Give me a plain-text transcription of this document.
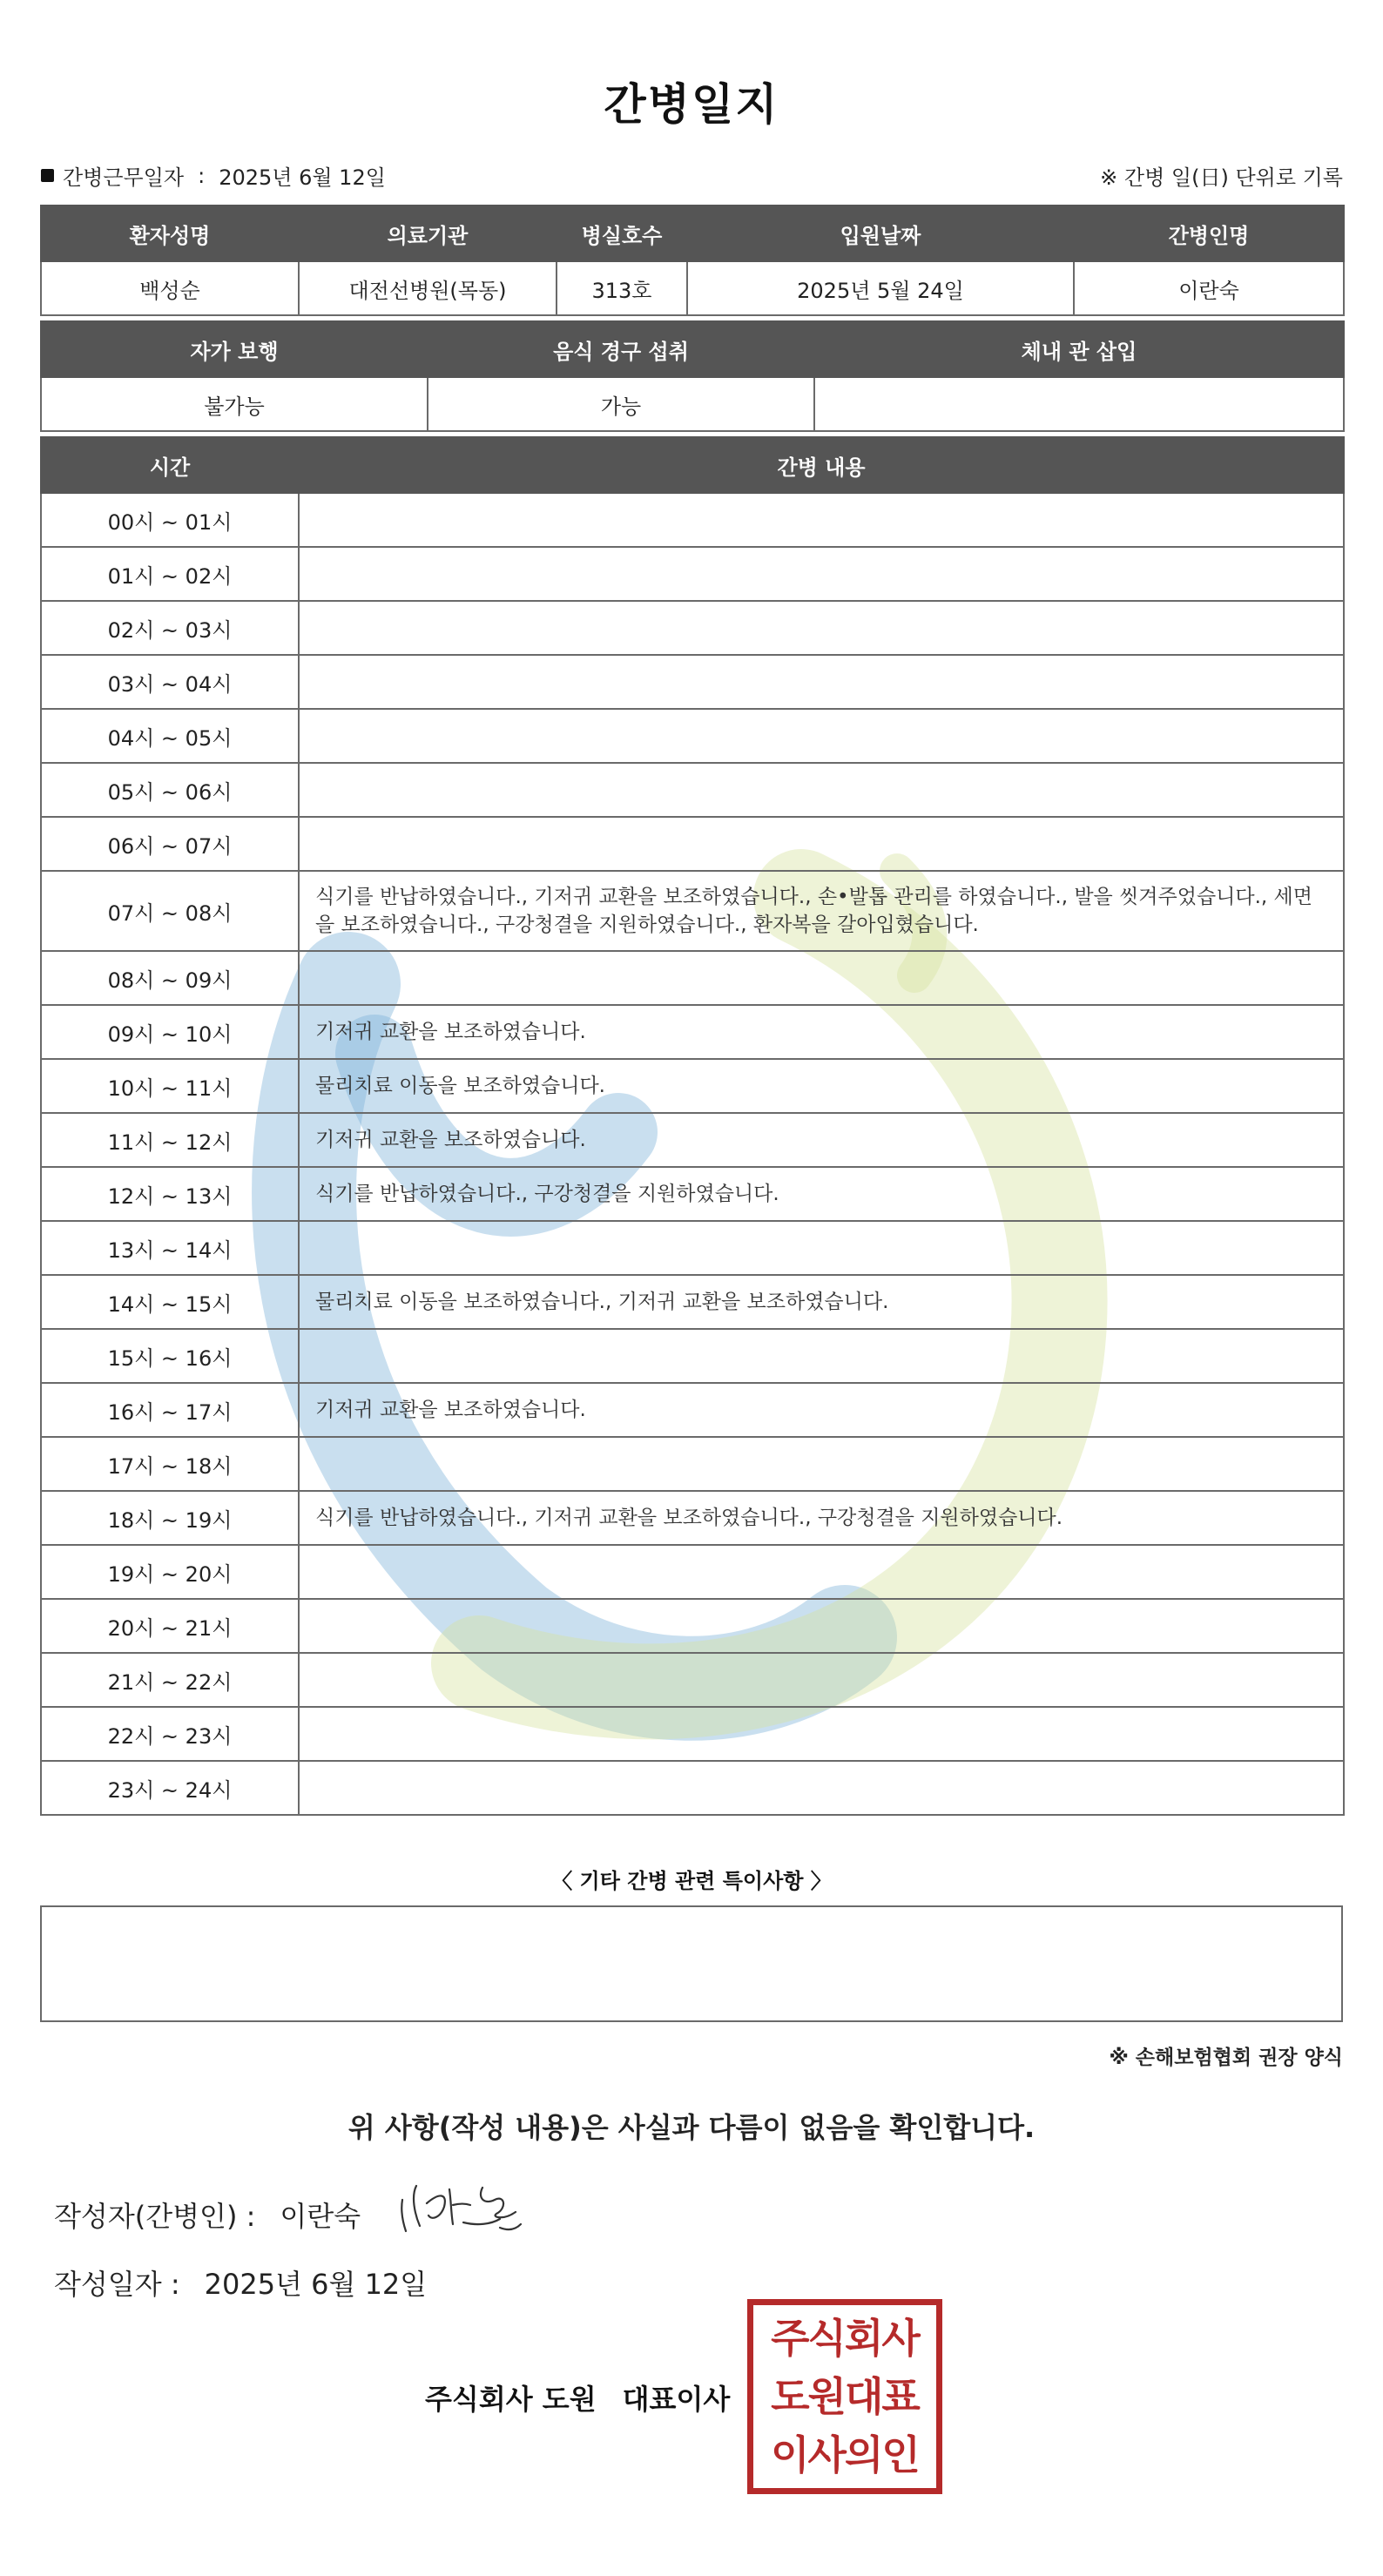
간병일지
간병근무일자 : 2025년 6월 12일	※ 간병 일(日) 단위로 기록
환자성명	의료기관	병실호수	입원날짜	간병인명
백성순	대전선병원(목동)	313호	2025년 5월 24일	이란숙
자가 보행	음식 경구 섭취	체내 관 삽입
불가능	가능	
시간	간병 내용
00시 ~ 01시	
01시 ~ 02시	
02시 ~ 03시	
03시 ~ 04시	
04시 ~ 05시	
05시 ~ 06시	
06시 ~ 07시	
07시 ~ 08시	식기를 반납하였습니다., 기저귀 교환을 보조하였습니다., 손•발톱 관리를 하였습니다., 발을 씻겨주었습니다., 세면을 보조하였습니다., 구강청결을 지원하였습니다., 환자복을 갈아입혔습니다.
08시 ~ 09시	
09시 ~ 10시	기저귀 교환을 보조하였습니다.
10시 ~ 11시	물리치료 이동을 보조하였습니다.
11시 ~ 12시	기저귀 교환을 보조하였습니다.
12시 ~ 13시	식기를 반납하였습니다., 구강청결을 지원하였습니다.
13시 ~ 14시	
14시 ~ 15시	물리치료 이동을 보조하였습니다., 기저귀 교환을 보조하였습니다.
15시 ~ 16시	
16시 ~ 17시	기저귀 교환을 보조하였습니다.
17시 ~ 18시	
18시 ~ 19시	식기를 반납하였습니다., 기저귀 교환을 보조하였습니다., 구강청결을 지원하였습니다.
19시 ~ 20시	
20시 ~ 21시	
21시 ~ 22시	
22시 ~ 23시	
23시 ~ 24시	
〈 기타 간병 관련 특이사항 〉
※ 손해보험협회 권장 양식
위 사항(작성 내용)은 사실과 다름이 없음을 확인합니다.
작성자(간병인) : 이란숙
작성일자 : 2025년 6월 12일
주식회사 도원 대표이사
주식회사
도원대표
이사의인
